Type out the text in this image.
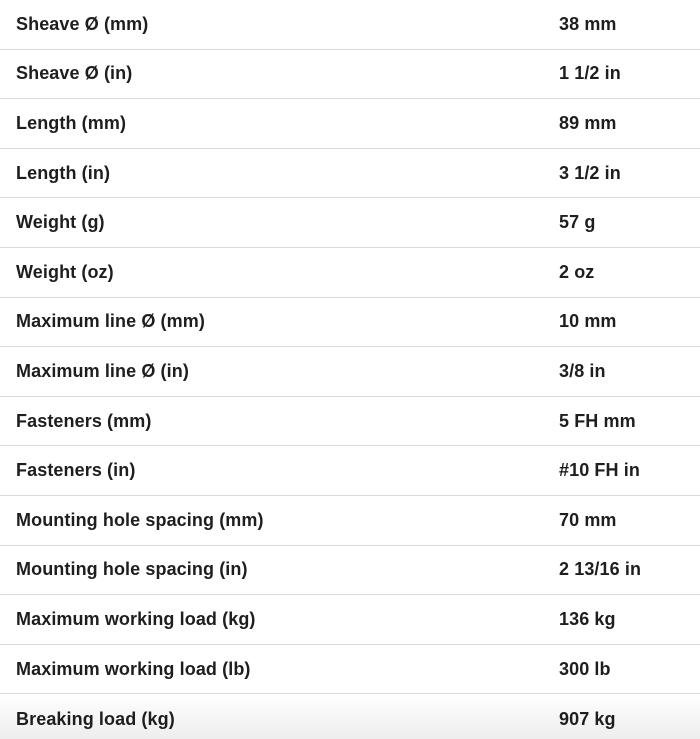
Sheave Ø (mm)	38 mm
Sheave Ø (in)	1 1/2 in
Length (mm)	89 mm
Length (in)	3 1/2 in
Weight (g)	57 g
Weight (oz)	2 oz
Maximum line Ø (mm)	10 mm
Maximum line Ø (in)	3/8 in
Fasteners (mm)	5 FH mm
Fasteners (in)	#10 FH in
Mounting hole spacing (mm)	70 mm
Mounting hole spacing (in)	2 13/16 in
Maximum working load (kg)	136 kg
Maximum working load (lb)	300 lb
Breaking load (kg)	907 kg
